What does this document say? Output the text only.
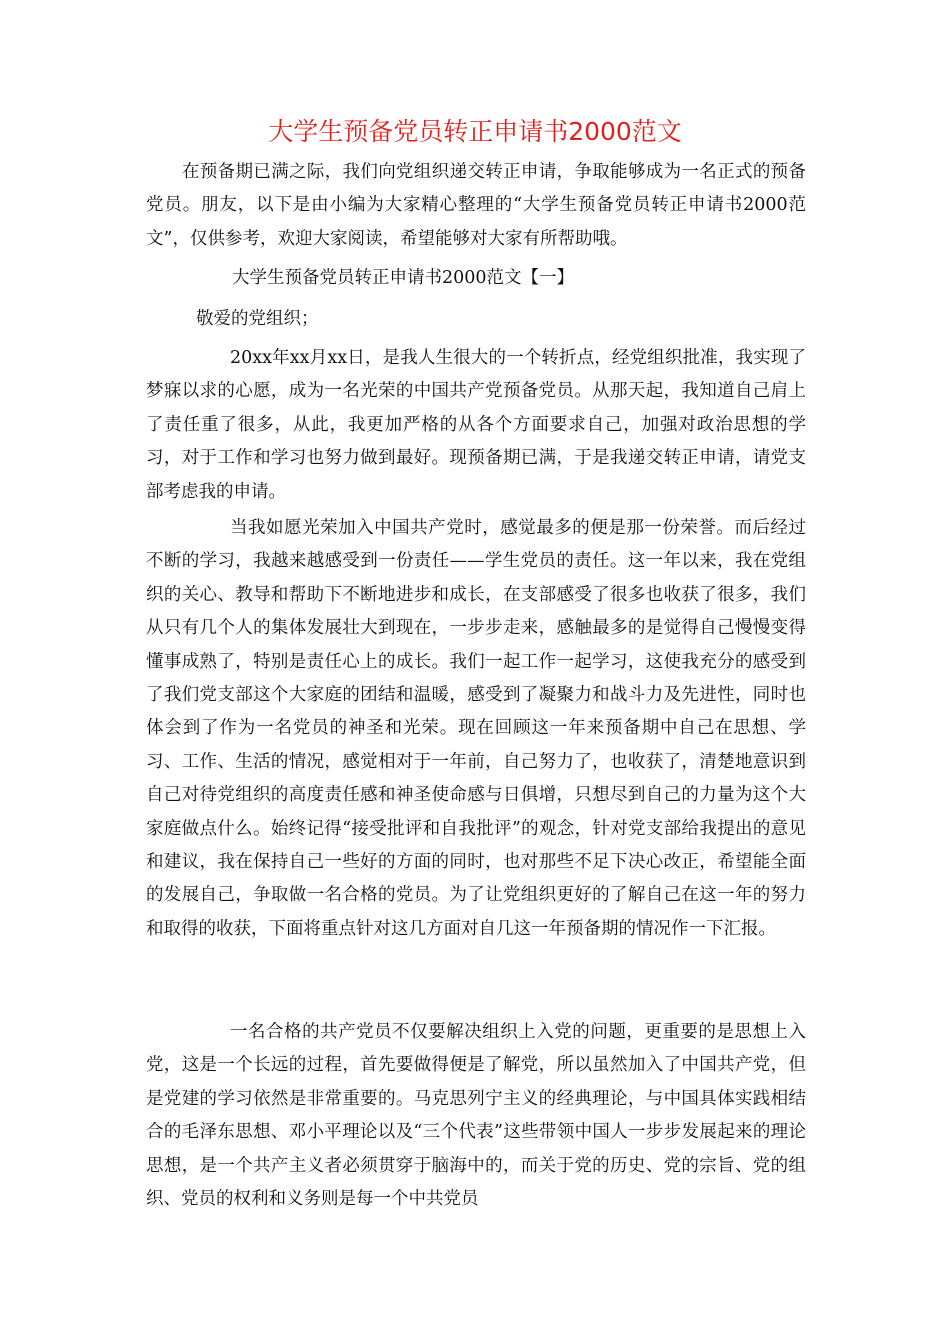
大学生预备党员转正申请书2000范文
在预备期已满之际，我们向党组织递交转正申请，争取能够成为一名正式的预备党员。朋友，以下是由小编为大家精心整理的“大学生预备党员转正申请书2000范文”，仅供参考，欢迎大家阅读，希望能够对大家有所帮助哦。
大学生预备党员转正申请书2000范文【一】
敬爱的党组织；
20xx年xx月xx日，是我人生很大的一个转折点，经党组织批准，我实现了梦寐以求的心愿，成为一名光荣的中国共产党预备党员。从那天起，我知道自己肩上了责任重了很多，从此，我更加严格的从各个方面要求自己，加强对政治思想的学习，对于工作和学习也努力做到最好。现预备期已满，于是我递交转正申请，请党支部考虑我的申请。
当我如愿光荣加入中国共产党时，感觉最多的便是那一份荣誉。而后经过不断的学习，我越来越感受到一份责任——学生党员的责任。这一年以来，我在党组织的关心、教导和帮助下不断地进步和成长，在支部感受了很多也收获了很多，我们从只有几个人的集体发展壮大到现在，一步步走来，感触最多的是觉得自己慢慢变得懂事成熟了，特别是责任心上的成长。我们一起工作一起学习，这使我充分的感受到了我们党支部这个大家庭的团结和温暖，感受到了凝聚力和战斗力及先进性，同时也体会到了作为一名党员的神圣和光荣。现在回顾这一年来预备期中自己在思想、学习、工作、生活的情况，感觉相对于一年前，自己努力了，也收获了，清楚地意识到自己对待党组织的高度责任感和神圣使命感与日俱增，只想尽到自己的力量为这个大家庭做点什么。始终记得“接受批评和自我批评”的观念，针对党支部给我提出的意见和建议，我在保持自己一些好的方面的同时，也对那些不足下决心改正，希望能全面的发展自己，争取做一名合格的党员。为了让党组织更好的了解自己在这一年的努力和取得的收获，下面将重点针对这几方面对自几这一年预备期的情况作一下汇报。
一名合格的共产党员不仅要解决组织上入党的问题，更重要的是思想上入党，这是一个长远的过程，首先要做得便是了解党，所以虽然加入了中国共产党，但是党建的学习依然是非常重要的。马克思列宁主义的经典理论，与中国具体实践相结合的毛泽东思想、邓小平理论以及“三个代表”这些带领中国人一步步发展起来的理论思想，是一个共产主义者必须贯穿于脑海中的，而关于党的历史、党的宗旨、党的组织、党员的权利和义务则是每一个中共党员
